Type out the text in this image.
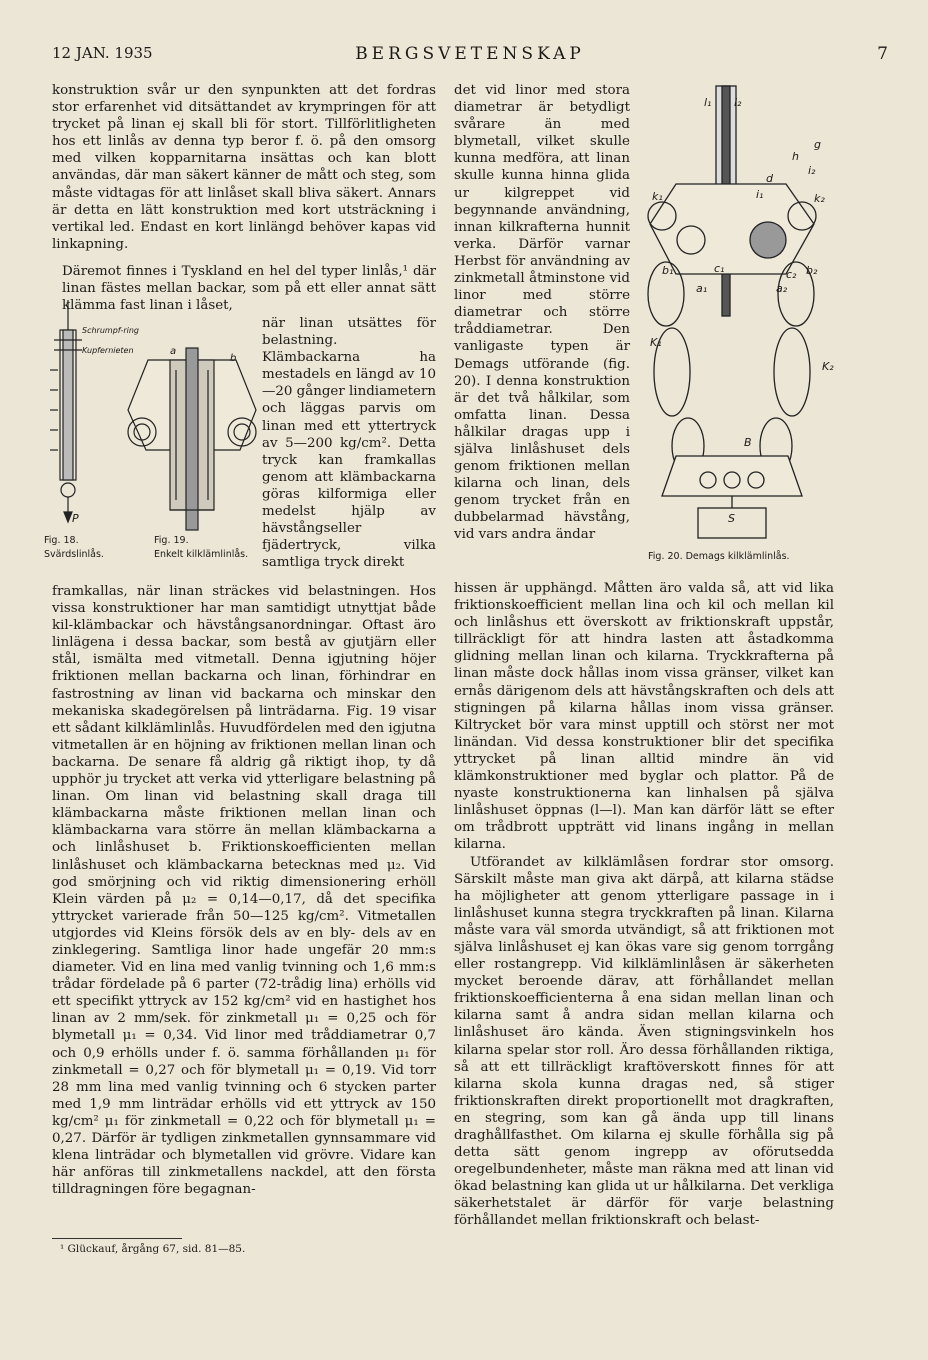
12 JAN. 1935	BERGSVETENSKAP	7

konstruktion svår ur den synpunkten att det fordras stor erfarenhet vid ditsättandet av krympringen för att trycket på linan ej skall bli för stort. Tillförlitligheten hos ett linlås av denna typ beror f. ö. på den omsorg med vilken kopparnitarna insättas och kan blott användas, där man säkert känner de mått och steg, som måste vidtagas för att linlåset skall bliva säkert. Annars är detta en lätt konstruktion med kort utsträckning i vertikal led. Endast en kort linlängd behöver kapas vid linkapning.

Däremot finnes i Tyskland en hel del typer linlås,¹ där linan fästes mellan backar, som på ett eller annat sätt klämma fast linan i låset,

när linan utsättes för belastning. Klämbackarna ha mestadels en längd av 10—20 gånger lindiametern och läggas parvis om linan med ett yttertryck av 5—200 kg/cm². Detta tryck kan framkallas genom att klämbackarna göras kilformiga eller medelst hjälp av hävstångseller fjädertryck, vilka samtliga tryck direkt

Schrumpf-ring
Kupfernieten
P
Fig. 18.
Svärdslinlås.
a
b
Fig. 19.
Enkelt kilklämlinlås.

framkallas, när linan sträckes vid belastningen. Hos vissa konstruktioner har man samtidigt utnyttjat både kil-klämbackar och hävstångsanordningar. Oftast äro linlägena i dessa backar, som bestå av gjutjärn eller stål, ismälta med vitmetall. Denna igjutning höjer friktionen mellan backarna och linan, förhindrar en fastrostning av linan vid backarna och minskar den mekaniska skadegörelsen på linträdarna. Fig. 19 visar ett sådant kilklämlinlås. Huvudfördelen med den igjutna vitmetallen är en höjning av friktionen mellan linan och backarna. De senare få aldrig gå riktigt ihop, ty då upphör ju trycket att verka vid ytterligare belastning på linan. Om linan vid belastning skall draga till klämbackarna måste friktionen mellan linan och klämbackarna vara större än mellan klämbackarna a och linlåshuset b. Friktionskoefficienten mellan linlåshuset och klämbackarna betecknas med μ₂. Vid god smörjning och vid riktig dimensionering erhöll Klein värden på μ₂ = 0,14—0,17, då det specifika yttrycket varierade från 50—125 kg/cm². Vitmetallen utgjordes vid Kleins försök dels av en bly- dels av en zinklegering. Samtliga linor hade ungefär 20 mm:s diameter. Vid en lina med vanlig tvinning och 1,6 mm:s trådar fördelade på 6 parter (72-trådig lina) erhölls vid ett specifikt yttryck av 152 kg/cm² vid en hastighet hos linan av 2 mm/sek. för zinkmetall μ₁ = 0,25 och för blymetall μ₁ = 0,34. Vid linor med tråddiametrar 0,7 och 0,9 erhölls under f. ö. samma förhållanden μ₁ för zinkmetall = 0,27 och för blymetall μ₁ = 0,19. Vid torr 28 mm lina med vanlig tvinning och 6 stycken parter med 1,9 mm linträdar erhölls vid ett yttryck av 150 kg/cm² μ₁ för zinkmetall = 0,22 och för blymetall μ₁ = 0,27. Därför är tydligen zinkmetallen gynnsammare vid klena linträdar och blymetallen vid grövre. Vidare kan här anföras till zinkmetallens nackdel, att den första tilldragningen före begagnan-

det vid linor med stora diametrar är betydligt svårare än med blymetall, vilket skulle kunna medföra, att linan skulle kunna hinna glida ur kilgreppet vid begynnande användning, innan kilkrafterna hunnit verka. Därför varnar Herbst för användning av zinkmetall åtminstone vid linor med större diametrar och större tråddiametrar. Den vanligaste typen är Demags utförande (fig. 20). I denna konstruktion är det två hålkilar, som omfatta linan. Dessa hålkilar dragas upp i själva linlåshuset dels genom friktionen mellan kilarna och linan, dels genom trycket från en dubbelarmad hävstång, vid vars andra ändar

l₁ l₂
g
h
i₂
d
i₁
k₁	k₂
b₁	b₂
c₁	c₂
a₁	a₂
K₁
K₂
B
S
Fig. 20. Demags kilklämlinlås.

hissen är upphängd. Måtten äro valda så, att vid lika friktionskoefficient mellan lina och kil och mellan kil och linlåshus ett överskott av friktionskraft uppstår, tillräckligt för att hindra lasten att åstadkomma glidning mellan linan och kilarna. Tryckkrafterna på linan måste dock hållas inom vissa gränser, vilket kan ernås därigenom dels att hävstångskraften och dels att stigningen på kilarna hållas inom vissa gränser. Kiltrycket bör vara minst upptill och störst ner mot linändan. Vid dessa konstruktioner blir det specifika yttrycket på linan alltid mindre än vid klämkonstruktioner med byglar och plattor. På de nyaste konstruktionerna kan linhalsen på själva linlåshuset öppnas (l—l). Man kan därför lätt se efter om trådbrott uppträtt vid linans ingång in mellan kilarna.

Utförandet av kilklämlåsen fordrar stor omsorg. Särskilt måste man giva akt därpå, att kilarna städse ha möjligheter att genom ytterligare passage in i linlåshuset kunna stegra tryckkraften på linan. Kilarna måste vara väl smorda utvändigt, så att friktionen mot själva linlåshuset ej kan ökas vare sig genom torrgång eller rostangrepp. Vid kilklämlinlåsen är säkerheten mycket beroende därav, att förhållandet mellan friktionskoefficienterna å ena sidan mellan linan och kilarna samt å andra sidan mellan kilarna och linlåshuset äro kända. Även stigningsvinkeln hos kilarna spelar stor roll. Äro dessa förhållanden riktiga, så att ett tillräckligt kraftöverskott finnes för att kilarna skola kunna dragas ned, så stiger friktionskraften direkt proportionellt mot dragkraften, en stegring, som kan gå ända upp till linans draghållfasthet. Om kilarna ej skulle förhålla sig på detta sätt genom ingrepp av oförutsedda oregelbundenheter, måste man räkna med att linan vid ökad belastning kan glida ut ur hålkilarna. Det verkliga säkerhetstalet är därför för varje belastning förhållandet mellan friktionskraft och belast-

¹ Glückauf, årgång 67, sid. 81—85.
